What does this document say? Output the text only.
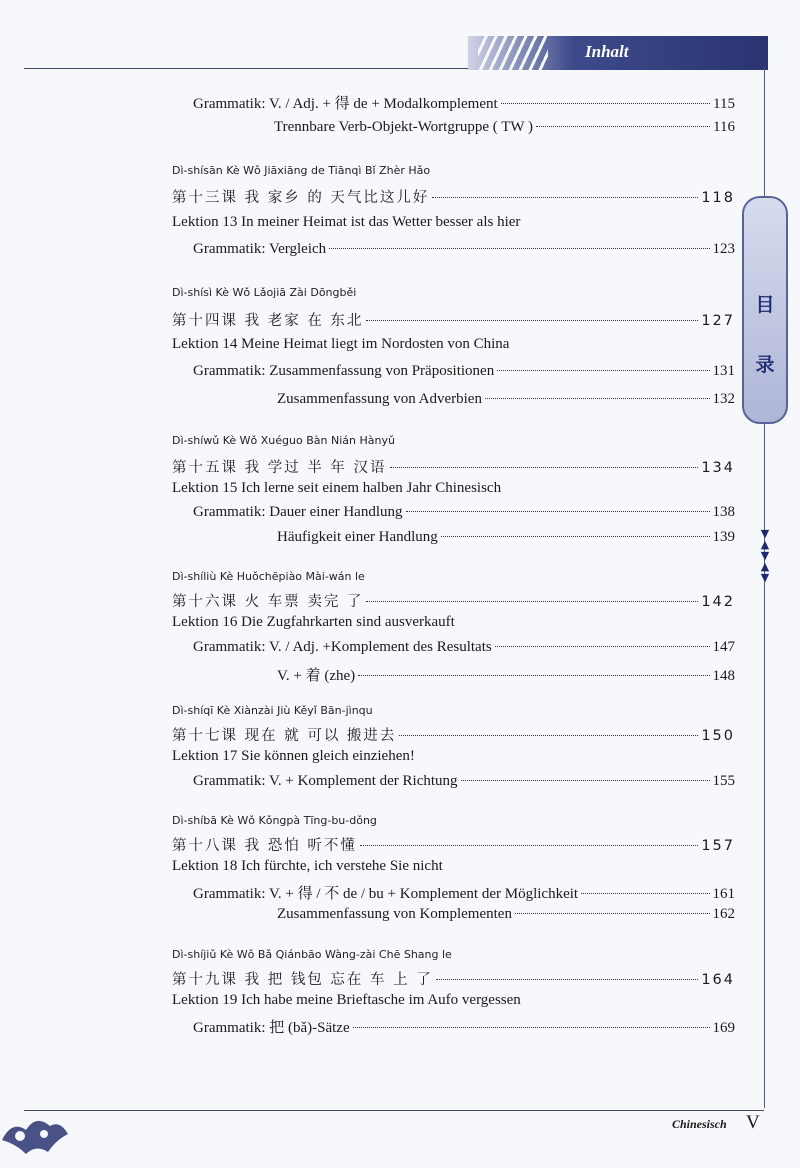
Inhalt
目
录
▼
▲
▼
▲
▼
Grammatik: V. / Adj. + 得 de + Modalkomplement	115
Trennbare Verb-Objekt-Wortgruppe ( TW )	116
Dì-shísān Kè Wǒ Jiāxiāng de Tiānqì Bǐ Zhèr Hǎo
第十三课 我 家乡 的 天气比这儿好	118
Lektion 13 In meiner Heimat ist das Wetter besser als hier
Grammatik: Vergleich	123
Dì-shísì Kè Wǒ Lǎojiā Zài Dōngběi
第十四课 我 老家 在 东北	127
Lektion 14 Meine Heimat liegt im Nordosten von China
Grammatik: Zusammenfassung von Präpositionen	131
Zusammenfassung von Adverbien	132
Dì-shíwǔ Kè Wǒ Xuéguo Bàn Nián Hànyǔ
第十五课 我 学过 半 年 汉语	134
Lektion 15 Ich lerne seit einem halben Jahr Chinesisch
Grammatik: Dauer einer Handlung	138
Häufigkeit einer Handlung	139
Dì-shíliù Kè Huǒchēpiào Mài-wán le
第十六课 火 车票 卖完 了	142
Lektion 16 Die Zugfahrkarten sind ausverkauft
Grammatik: V. / Adj. +Komplement des Resultats	147
V. + 着 (zhe)	148
Dì-shíqī Kè Xiànzài Jiù Kěyǐ Bān-jìnqu
第十七课 现在 就 可以 搬进去	150
Lektion 17 Sie können gleich einziehen!
Grammatik: V. + Komplement der Richtung	155
Dì-shíbā Kè Wǒ Kǒngpà Tīng-bu-dǒng
第十八课 我 恐怕 听不懂	157
Lektion 18 Ich fürchte, ich verstehe Sie nicht
Grammatik: V. + 得 / 不 de / bu + Komplement der Möglichkeit	161
Zusammenfassung von Komplementen	162
Dì-shíjiǔ Kè Wǒ Bǎ Qiánbāo Wàng-zài Chē Shang le
第十九课 我 把 钱包 忘在 车 上 了	164
Lektion 19 Ich habe meine Brieftasche im Aufo vergessen
Grammatik: 把 (bǎ)-Sätze	169
Chinesisch V
